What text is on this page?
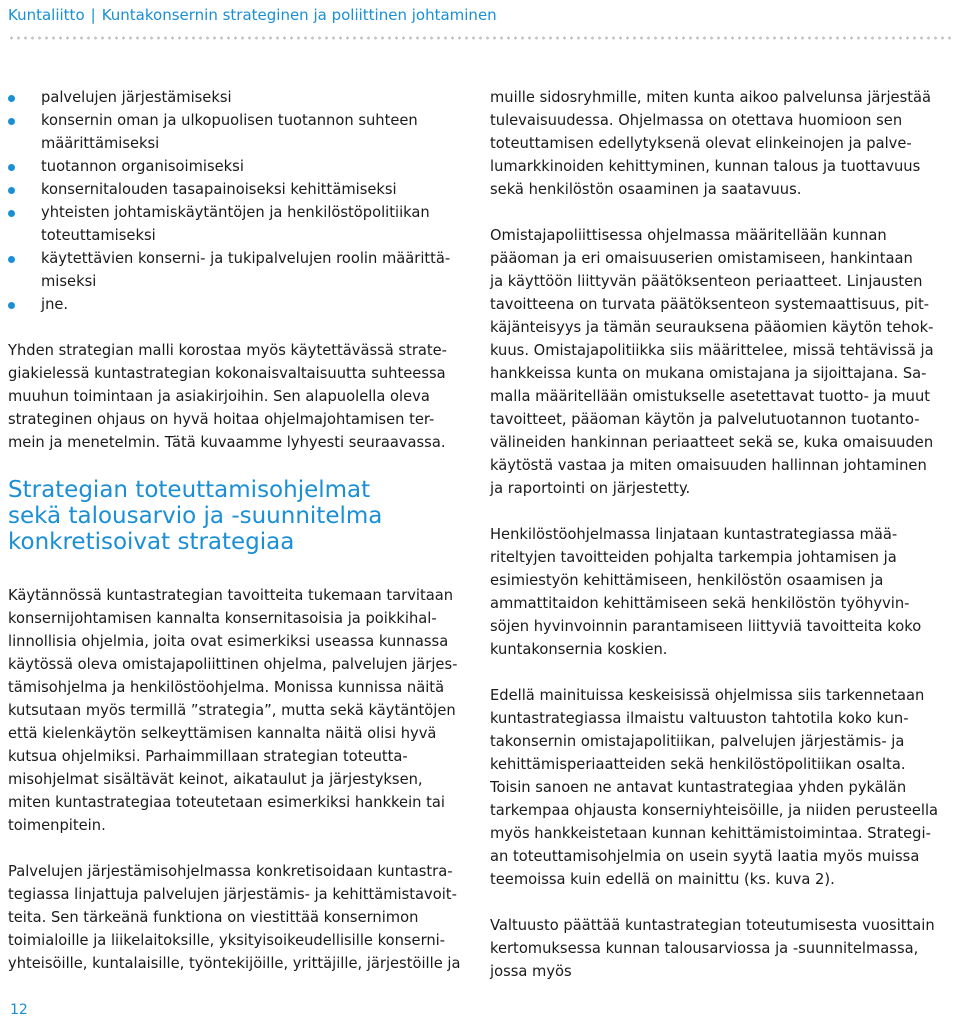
Kuntaliitto | Kuntakonsernin strateginen ja poliittinen johtaminen
palvelujen järjestämiseksi
konsernin oman ja ulkopuolisen tuotannon suhteen
määrittämiseksi
tuotannon organisoimiseksi
konsernitalouden tasapainoiseksi kehittämiseksi
yhteisten johtamiskäytäntöjen ja henkilöstöpolitiikan
toteuttamiseksi
käytettävien konserni- ja tukipalvelujen roolin määrittä-
miseksi
jne.

Yhden strategian malli korostaa myös käytettävässä strate-
giakielessä kuntastrategian kokonaisvaltaisuutta suhteessa
muuhun toimintaan ja asiakirjoihin. Sen alapuolella oleva
strateginen ohjaus on hyvä hoitaa ohjelmajohtamisen ter-
mein ja menetelmin. Tätä kuvaamme lyhyesti seuraavassa.

Strategian toteuttamisohjelmat
sekä talousarvio ja -suunnitelma
konkretisoivat strategiaa

Käytännössä kuntastrategian tavoitteita tukemaan tarvitaan
konsernijohtamisen kannalta konsernitasoisia ja poikkihal-
linnollisia ohjelmia, joita ovat esimerkiksi useassa kunnassa
käytössä oleva omistajapoliittinen ohjelma, palvelujen järjes-
tämisohjelma ja henkilöstöohjelma. Monissa kunnissa näitä
kutsutaan myös termillä ”strategia”, mutta sekä käytäntöjen
että kielenkäytön selkeyttämisen kannalta näitä olisi hyvä
kutsua ohjelmiksi. Parhaimmillaan strategian toteutta-
misohjelmat sisältävät keinot, aikataulut ja järjestyksen,
miten kuntastrategiaa toteutetaan esimerkiksi hankkein tai
toimenpitein.

Palvelujen järjestämisohjelmassa konkretisoidaan kuntastra-
tegiassa linjattuja palvelujen järjestämis- ja kehittämistavoit-
teita. Sen tärkeänä funktiona on viestittää konsernimon
toimialoille ja liikelaitoksille, yksityisoikeudellisille konserni-
yhteisöille, kuntalaisille, työntekijöille, yrittäjille, järjestöille ja

muille sidosryhmille, miten kunta aikoo palvelunsa järjestää
tulevaisuudessa. Ohjelmassa on otettava huomioon sen
toteuttamisen edellytyksenä olevat elinkeinojen ja palve-
lumarkkinoiden kehittyminen, kunnan talous ja tuottavuus
sekä henkilöstön osaaminen ja saatavuus.

Omistajapoliittisessa ohjelmassa määritellään kunnan
pääoman ja eri omaisuuserien omistamiseen, hankintaan
ja käyttöön liittyvän päätöksenteon periaatteet. Linjausten
tavoitteena on turvata päätöksenteon systemaattisuus, pit-
käjänteisyys ja tämän seurauksena pääomien käytön tehok-
kuus. Omistajapolitiikka siis määrittelee, missä tehtävissä ja
hankkeissa kunta on mukana omistajana ja sijoittajana. Sa-
malla määritellään omistukselle asetettavat tuotto- ja muut
tavoitteet, pääoman käytön ja palvelutuotannon tuotanto-
välineiden hankinnan periaatteet sekä se, kuka omaisuuden
käytöstä vastaa ja miten omaisuuden hallinnan johtaminen
ja raportointi on järjestetty.

Henkilöstöohjelmassa linjataan kuntastrategiassa mää-
riteltyjen tavoitteiden pohjalta tarkempia johtamisen ja
esimiestyön kehittämiseen, henkilöstön osaamisen ja
ammattitaidon kehittämiseen sekä henkilöstön työhyvin-
söjen hyvinvoinnin parantamiseen liittyviä tavoitteita koko
kuntakonsernia koskien.

Edellä mainituissa keskeisissä ohjelmissa siis tarkennetaan
kuntastrategiassa ilmaistu valtuuston tahtotila koko kun-
takonsernin omistajapolitiikan, palvelujen järjestämis- ja
kehittämisperiaatteiden sekä henkilöstöpolitiikan osalta.
Toisin sanoen ne antavat kuntastrategiaa yhden pykälän
tarkempaa ohjausta konserniyhteisöille, ja niiden perusteella
myös hankkeistetaan kunnan kehittämistoimintaa. Strategi-
an toteuttamisohjelmia on usein syytä laatia myös muissa
teemoissa kuin edellä on mainittu (ks. kuva 2).

Valtuusto päättää kuntastrategian toteutumisesta vuosittain
kertomuksessa kunnan talousarviossa ja -suunnitelmassa, jossa myös

12
